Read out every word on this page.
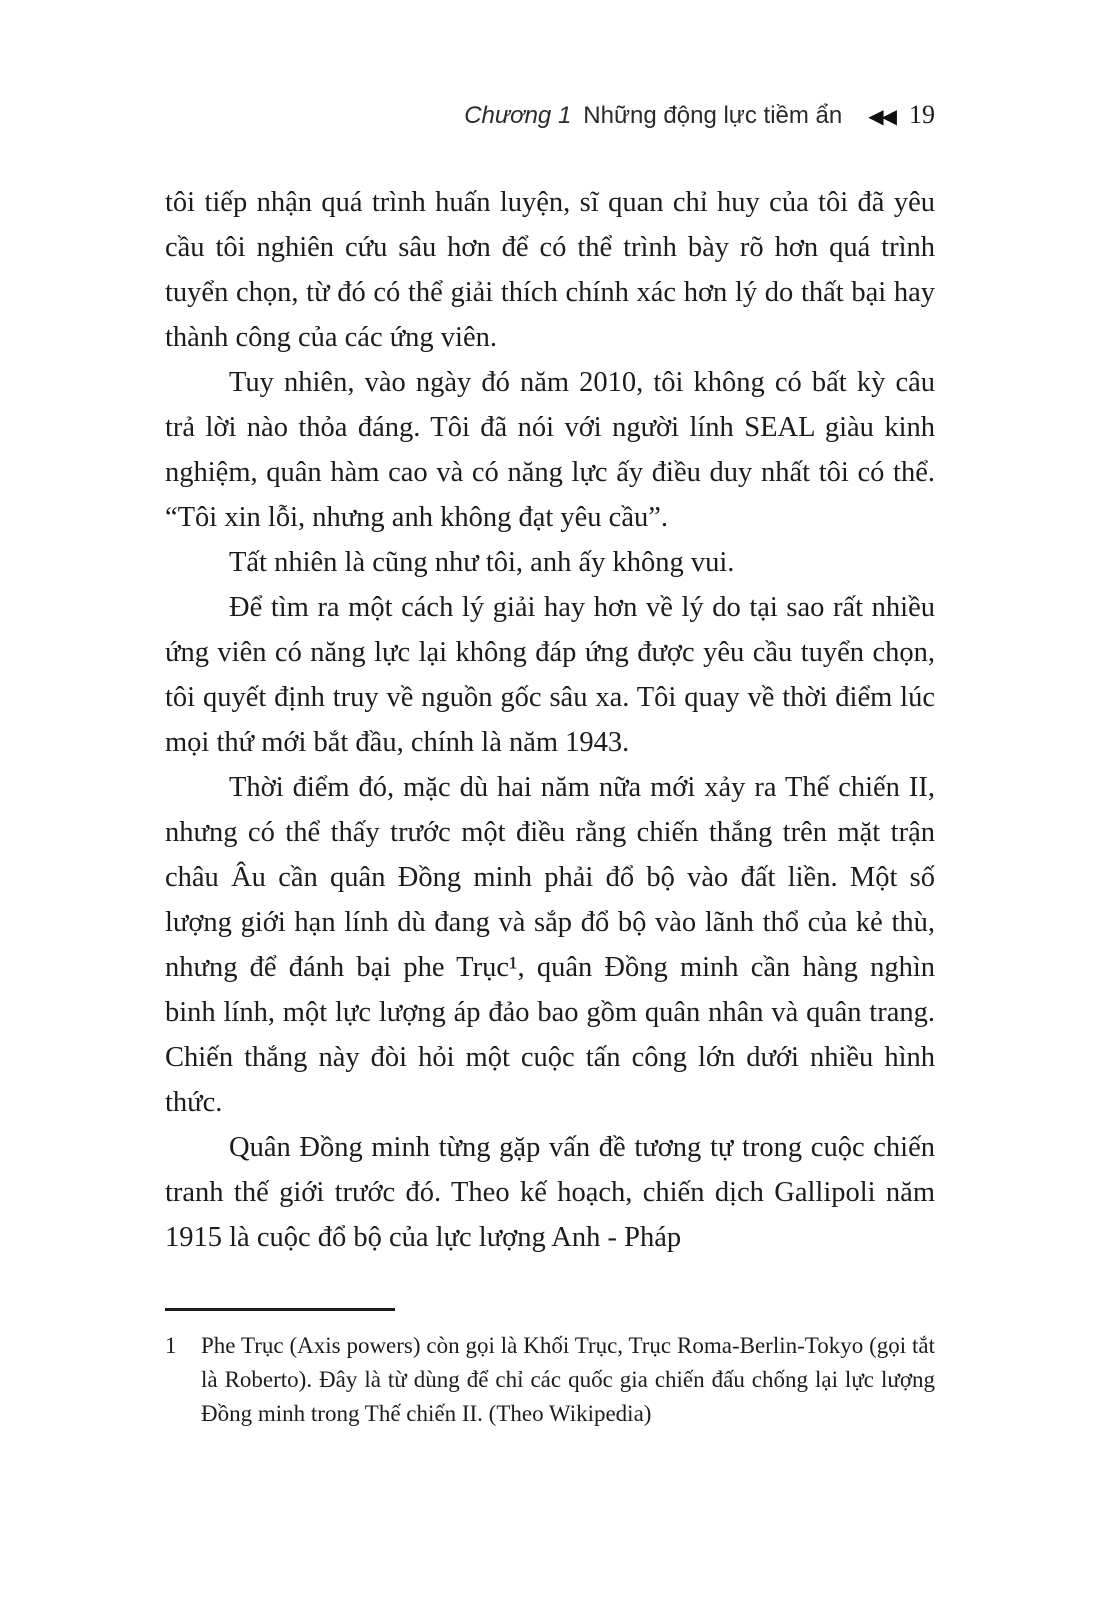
Chương 1 Những động lực tiềm ẩn ◀◀ 19

tôi tiếp nhận quá trình huấn luyện, sĩ quan chỉ huy của tôi đã yêu cầu tôi nghiên cứu sâu hơn để có thể trình bày rõ hơn quá trình tuyển chọn, từ đó có thể giải thích chính xác hơn lý do thất bại hay thành công của các ứng viên.

Tuy nhiên, vào ngày đó năm 2010, tôi không có bất kỳ câu trả lời nào thỏa đáng. Tôi đã nói với người lính SEAL giàu kinh nghiệm, quân hàm cao và có năng lực ấy điều duy nhất tôi có thể. “Tôi xin lỗi, nhưng anh không đạt yêu cầu”.

Tất nhiên là cũng như tôi, anh ấy không vui.

Để tìm ra một cách lý giải hay hơn về lý do tại sao rất nhiều ứng viên có năng lực lại không đáp ứng được yêu cầu tuyển chọn, tôi quyết định truy về nguồn gốc sâu xa. Tôi quay về thời điểm lúc mọi thứ mới bắt đầu, chính là năm 1943.

Thời điểm đó, mặc dù hai năm nữa mới xảy ra Thế chiến II, nhưng có thể thấy trước một điều rằng chiến thắng trên mặt trận châu Âu cần quân Đồng minh phải đổ bộ vào đất liền. Một số lượng giới hạn lính dù đang và sắp đổ bộ vào lãnh thổ của kẻ thù, nhưng để đánh bại phe Trục¹, quân Đồng minh cần hàng nghìn binh lính, một lực lượng áp đảo bao gồm quân nhân và quân trang. Chiến thắng này đòi hỏi một cuộc tấn công lớn dưới nhiều hình thức.

Quân Đồng minh từng gặp vấn đề tương tự trong cuộc chiến tranh thế giới trước đó. Theo kế hoạch, chiến dịch Gallipoli năm 1915 là cuộc đổ bộ của lực lượng Anh - Pháp

1	Phe Trục (Axis powers) còn gọi là Khối Trục, Trục Roma-Berlin-Tokyo (gọi tắt là Roberto). Đây là từ dùng để chỉ các quốc gia chiến đấu chống lại lực lượng Đồng minh trong Thế chiến II. (Theo Wikipedia)
